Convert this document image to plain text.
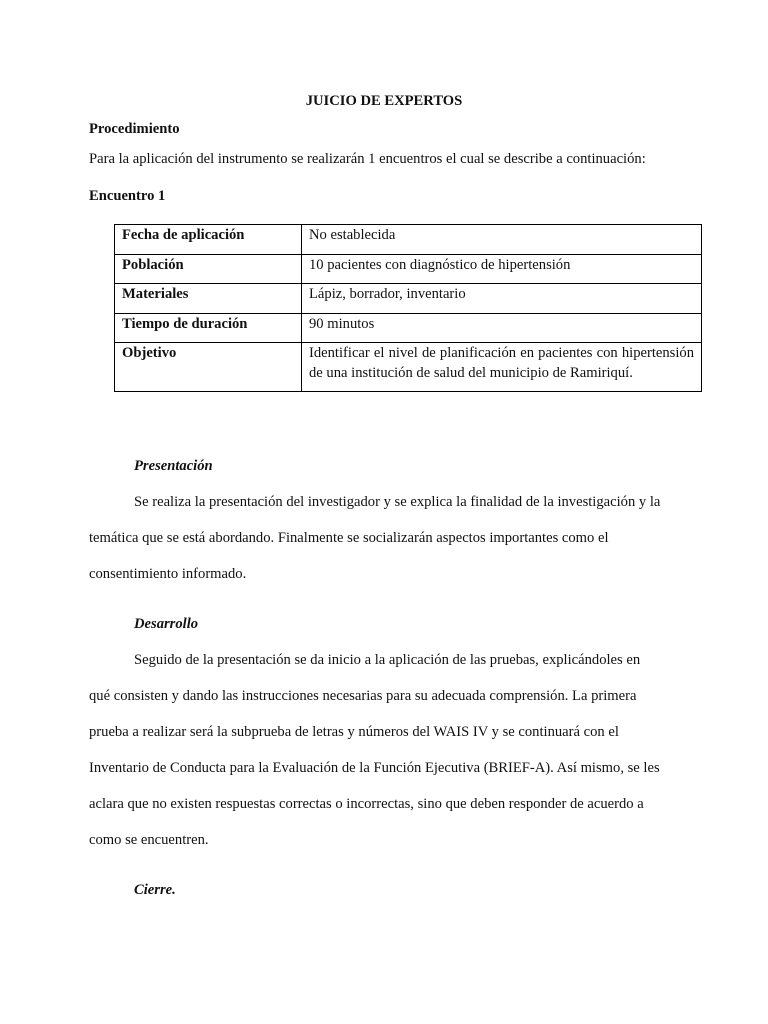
JUICIO DE EXPERTOS
Procedimiento
Para la aplicación del instrumento se realizarán 1 encuentros el cual se describe a continuación:
Encuentro 1
Fecha de aplicación	No establecida
Población	10 pacientes con diagnóstico de hipertensión
Materiales	Lápiz, borrador, inventario
Tiempo de duración	90 minutos
Objetivo	Identificar el nivel de planificación en pacientes con hipertensión de una institución de salud del municipio de Ramiriquí.
Presentación
Se realiza la presentación del investigador y se explica la finalidad de la investigación y la
temática que se está abordando. Finalmente se socializarán aspectos importantes como el
consentimiento informado.
Desarrollo
Seguido de la presentación se da inicio a la aplicación de las pruebas, explicándoles en
qué consisten y dando las instrucciones necesarias para su adecuada comprensión. La primera
prueba a realizar será la subprueba de letras y números del WAIS IV y se continuará con el
Inventario de Conducta para la Evaluación de la Función Ejecutiva (BRIEF-A). Así mismo, se les
aclara que no existen respuestas correctas o incorrectas, sino que deben responder de acuerdo a
como se encuentren.
Cierre.
